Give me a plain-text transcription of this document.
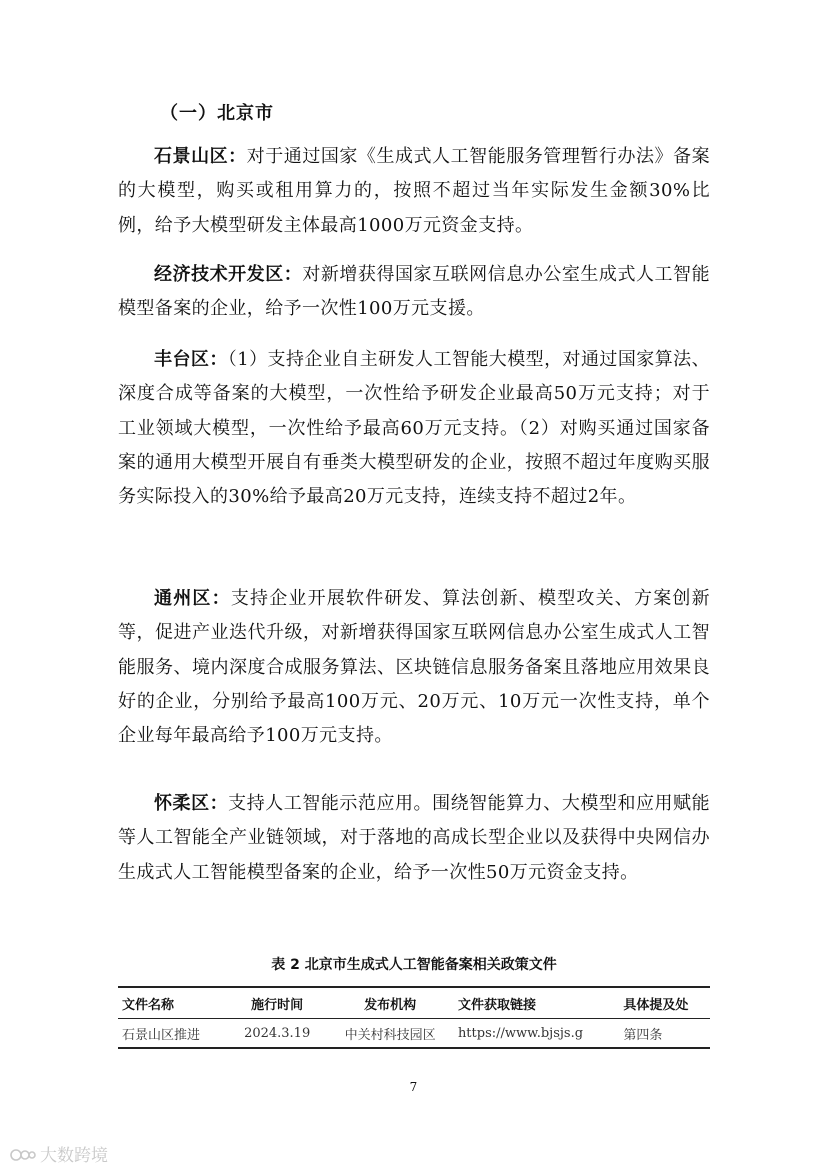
（一）北京市

石景山区：对于通过国家《生成式人工智能服务管理暂行办法》备案的大模型，购买或租用算力的，按照不超过当年实际发生金额30%比例，给予大模型研发主体最高1000万元资金支持。

经济技术开发区：对新增获得国家互联网信息办公室生成式人工智能模型备案的企业，给予一次性100万元支援。

丰台区：（1）支持企业自主研发人工智能大模型，对通过国家算法、深度合成等备案的大模型，一次性给予研发企业最高50万元支持；对于工业领域大模型，一次性给予最高60万元支持。（2）对购买通过国家备案的通用大模型开展自有垂类大模型研发的企业，按照不超过年度购买服务实际投入的30%给予最高20万元支持，连续支持不超过2年。

通州区：支持企业开展软件研发、算法创新、模型攻关、方案创新等，促进产业迭代升级，对新增获得国家互联网信息办公室生成式人工智能服务、境内深度合成服务算法、区块链信息服务备案且落地应用效果良好的企业，分别给予最高100万元、20万元、10万元一次性支持，单个企业每年最高给予100万元支持。

怀柔区：支持人工智能示范应用。围绕智能算力、大模型和应用赋能等人工智能全产业链领域，对于落地的高成长型企业以及获得中央网信办生成式人工智能模型备案的企业，给予一次性50万元资金支持。

表 2 北京市生成式人工智能备案相关政策文件
文件名称	施行时间	发布机构	文件获取链接	具体提及处
石景山区推进	2024.3.19	中关村科技园区	https://www.bjsjs.g	第四条
7
大数跨境
